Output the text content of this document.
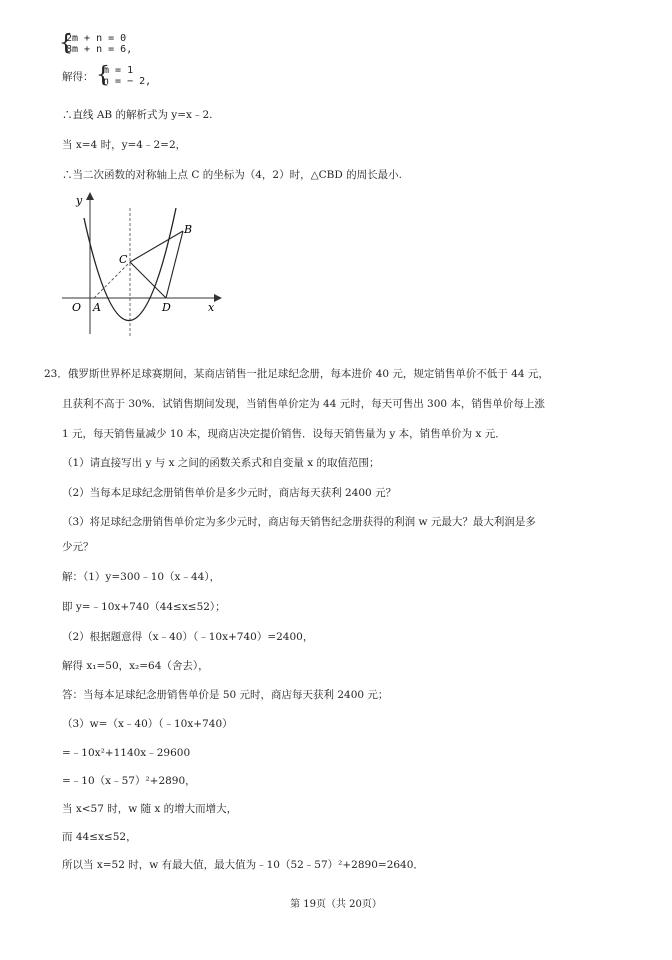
{
2m + n = 0
8m + n = 6,
解得： {
m = 1
n = − 2,
∴直线 AB 的解析式为 y=x﹣2.
当 x=4 时，y=4﹣2=2，
∴当二次函数的对称轴上点 C 的坐标为（4，2）时，△CBD 的周长最小.
y
x
O A
B
C
D
23．俄罗斯世界杯足球赛期间，某商店销售一批足球纪念册，每本进价 40 元，规定销售单价不低于 44 元，
且获利不高于 30%．试销售期间发现，当销售单价定为 44 元时，每天可售出 300 本，销售单价每上涨
1 元，每天销售量减少 10 本，现商店决定提价销售．设每天销售量为 y 本，销售单价为 x 元．
（1）请直接写出 y 与 x 之间的函数关系式和自变量 x 的取值范围；
（2）当每本足球纪念册销售单价是多少元时，商店每天获利 2400 元？
（3）将足球纪念册销售单价定为多少元时，商店每天销售纪念册获得的利润 w 元最大？最大利润是多
少元？
解：（1）y=300﹣10（x﹣44），
即 y=﹣10x+740（44≤x≤52）；
（2）根据题意得（x﹣40）（﹣10x+740）=2400，
解得 x₁=50，x₂=64（舍去），
答：当每本足球纪念册销售单价是 50 元时，商店每天获利 2400 元；
（3）w=（x﹣40）（﹣10x+740）
=﹣10x²+1140x﹣29600
=﹣10（x﹣57）²+2890，
当 x<57 时，w 随 x 的增大而增大，
而 44≤x≤52，
所以当 x=52 时，w 有最大值，最大值为﹣10（52﹣57）²+2890=2640．
第 19页（共 20页）
